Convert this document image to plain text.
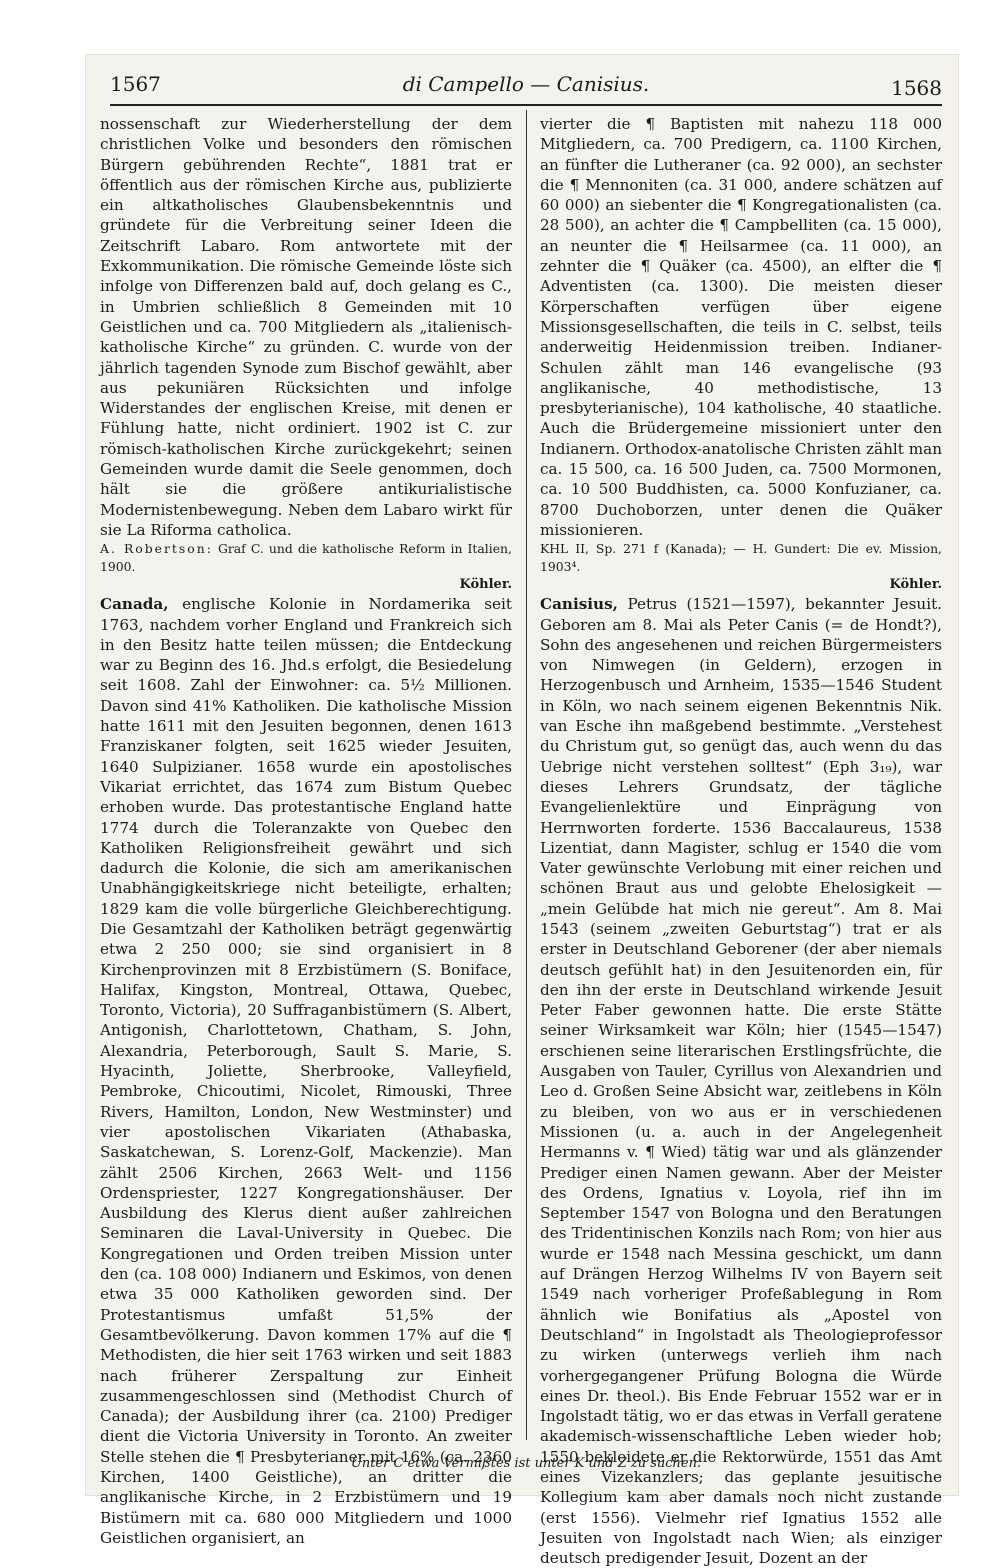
1567	di Campello — Canisius.	1568

nossenschaft zur Wiederherstellung der dem christlichen Volke und besonders den römischen Bürgern gebührenden Rechte“, 1881 trat er öffentlich aus der römischen Kirche aus, publizierte ein altkatholisches Glaubensbekenntnis und gründete für die Verbreitung seiner Ideen die Zeitschrift Labaro. Rom antwortete mit der Exkommunikation. Die römische Gemeinde löste sich infolge von Differenzen bald auf, doch gelang es C., in Umbrien schließlich 8 Gemeinden mit 10 Geistlichen und ca. 700 Mitgliedern als „italienisch-katholische Kirche“ zu gründen. C. wurde von der jährlich tagenden Synode zum Bischof gewählt, aber aus pekuniären Rücksichten und infolge Widerstandes der englischen Kreise, mit denen er Fühlung hatte, nicht ordiniert. 1902 ist C. zur römisch-katholischen Kirche zurückgekehrt; seinen Gemeinden wurde damit die Seele genommen, doch hält sie die größere antikurialistische Modernistenbewegung. Neben dem Labaro wirkt für sie La Riforma catholica.

A. Robertson: Graf C. und die katholische Reform in Italien, 1900.

Köhler.

Canada, englische Kolonie in Nordamerika seit 1763, nachdem vorher England und Frankreich sich in den Besitz hatte teilen müssen; die Entdeckung war zu Beginn des 16. Jhd.s erfolgt, die Besiedelung seit 1608. Zahl der Einwohner: ca. 5½ Millionen. Davon sind 41% Katholiken. Die katholische Mission hatte 1611 mit den Jesuiten begonnen, denen 1613 Franziskaner folgten, seit 1625 wieder Jesuiten, 1640 Sulpizianer. 1658 wurde ein apostolisches Vikariat errichtet, das 1674 zum Bistum Quebec erhoben wurde. Das protestantische England hatte 1774 durch die Toleranzakte von Quebec den Katholiken Religionsfreiheit gewährt und sich dadurch die Kolonie, die sich am amerikanischen Unabhängigkeitskriege nicht beteiligte, erhalten; 1829 kam die volle bürgerliche Gleichberechtigung. Die Gesamtzahl der Katholiken beträgt gegenwärtig etwa 2 250 000; sie sind organisiert in 8 Kirchenprovinzen mit 8 Erzbistümern (S. Boniface, Halifax, Kingston, Montreal, Ottawa, Quebec, Toronto, Victoria), 20 Suffraganbistümern (S. Albert, Antigonish, Charlottetown, Chatham, S. John, Alexandria, Peterborough, Sault S. Marie, S. Hyacinth, Joliette, Sherbrooke, Valleyfield, Pembroke, Chicoutimi, Nicolet, Rimouski, Three Rivers, Hamilton, London, New Westminster) und vier apostolischen Vikariaten (Athabaska, Saskatchewan, S. Lorenz-Golf, Mackenzie). Man zählt 2506 Kirchen, 2663 Welt- und 1156 Ordenspriester, 1227 Kongregationshäuser. Der Ausbildung des Klerus dient außer zahlreichen Seminaren die Laval-University in Quebec. Die Kongregationen und Orden treiben Mission unter den (ca. 108 000) Indianern und Eskimos, von denen etwa 35 000 Katholiken geworden sind. Der Protestantismus umfaßt 51,5% der Gesamtbevölkerung. Davon kommen 17% auf die ¶ Methodisten, die hier seit 1763 wirken und seit 1883 nach früherer Zerspaltung zur Einheit zusammengeschlossen sind (Methodist Church of Canada); der Ausbildung ihrer (ca. 2100) Prediger dient die Victoria University in Toronto. An zweiter Stelle stehen die ¶ Presbyterianer mit 16% (ca. 2360 Kirchen, 1400 Geistliche), an dritter die anglikanische Kirche, in 2 Erzbistümern und 19 Bistümern mit ca. 680 000 Mitgliedern und 1000 Geistlichen organisiert, an

vierter die ¶ Baptisten mit nahezu 118 000 Mitgliedern, ca. 700 Predigern, ca. 1100 Kirchen, an fünfter die Lutheraner (ca. 92 000), an sechster die ¶ Mennoniten (ca. 31 000, andere schätzen auf 60 000) an siebenter die ¶ Kongregationalisten (ca. 28 500), an achter die ¶ Campbelliten (ca. 15 000), an neunter die ¶ Heilsarmee (ca. 11 000), an zehnter die ¶ Quäker (ca. 4500), an elfter die ¶ Adventisten (ca. 1300). Die meisten dieser Körperschaften verfügen über eigene Missionsgesellschaften, die teils in C. selbst, teils anderweitig Heidenmission treiben. Indianer-Schulen zählt man 146 evangelische (93 anglikanische, 40 methodistische, 13 presbyterianische), 104 katholische, 40 staatliche. Auch die Brüdergemeine missioniert unter den Indianern. Orthodox-anatolische Christen zählt man ca. 15 500, ca. 16 500 Juden, ca. 7500 Mormonen, ca. 10 500 Buddhisten, ca. 5000 Konfuzianer, ca. 8700 Duchoborzen, unter denen die Quäker missionieren.

KHL II, Sp. 271 f (Kanada); — H. Gundert: Die ev. Mission, 1903⁴.

Köhler.

Canisius, Petrus (1521—1597), bekannter Jesuit. Geboren am 8. Mai als Peter Canis (= de Hondt?), Sohn des angesehenen und reichen Bürgermeisters von Nimwegen (in Geldern), erzogen in Herzogenbusch und Arnheim, 1535—1546 Student in Köln, wo nach seinem eigenen Bekenntnis Nik. van Esche ihn maßgebend bestimmte. „Verstehest du Christum gut, so genügt das, auch wenn du das Uebrige nicht verstehen solltest“ (Eph 3₁₉), war dieses Lehrers Grundsatz, der tägliche Evangelienlektüre und Einprägung von Herrnworten forderte. 1536 Baccalaureus, 1538 Lizentiat, dann Magister, schlug er 1540 die vom Vater gewünschte Verlobung mit einer reichen und schönen Braut aus und gelobte Ehelosigkeit — „mein Gelübde hat mich nie gereut“. Am 8. Mai 1543 (seinem „zweiten Geburtstag“) trat er als erster in Deutschland Geborener (der aber niemals deutsch gefühlt hat) in den Jesuitenorden ein, für den ihn der erste in Deutschland wirkende Jesuit Peter Faber gewonnen hatte. Die erste Stätte seiner Wirksamkeit war Köln; hier (1545—1547) erschienen seine literarischen Erstlingsfrüchte, die Ausgaben von Tauler, Cyrillus von Alexandrien und Leo d. Großen Seine Absicht war, zeitlebens in Köln zu bleiben, von wo aus er in verschiedenen Missionen (u. a. auch in der Angelegenheit Hermanns v. ¶ Wied) tätig war und als glänzender Prediger einen Namen gewann. Aber der Meister des Ordens, Ignatius v. Loyola, rief ihn im September 1547 von Bologna und den Beratungen des Tridentinischen Konzils nach Rom; von hier aus wurde er 1548 nach Messina geschickt, um dann auf Drängen Herzog Wilhelms IV von Bayern seit 1549 nach vorheriger Profeßablegung in Rom ähnlich wie Bonifatius als „Apostel von Deutschland“ in Ingolstadt als Theologieprofessor zu wirken (unterwegs verlieh ihm nach vorhergegangener Prüfung Bologna die Würde eines Dr. theol.). Bis Ende Februar 1552 war er in Ingolstadt tätig, wo er das etwas in Verfall geratene akademisch-wissenschaftliche Leben wieder hob; 1550 bekleidete er die Rektorwürde, 1551 das Amt eines Vizekanzlers; das geplante jesuitische Kollegium kam aber damals noch nicht zustande (erst 1556). Vielmehr rief Ignatius 1552 alle Jesuiten von Ingolstadt nach Wien; als einziger deutsch predigender Jesuit, Dozent an der

Unter C etwa Vermißtes ist unter K und Z zu suchen.
